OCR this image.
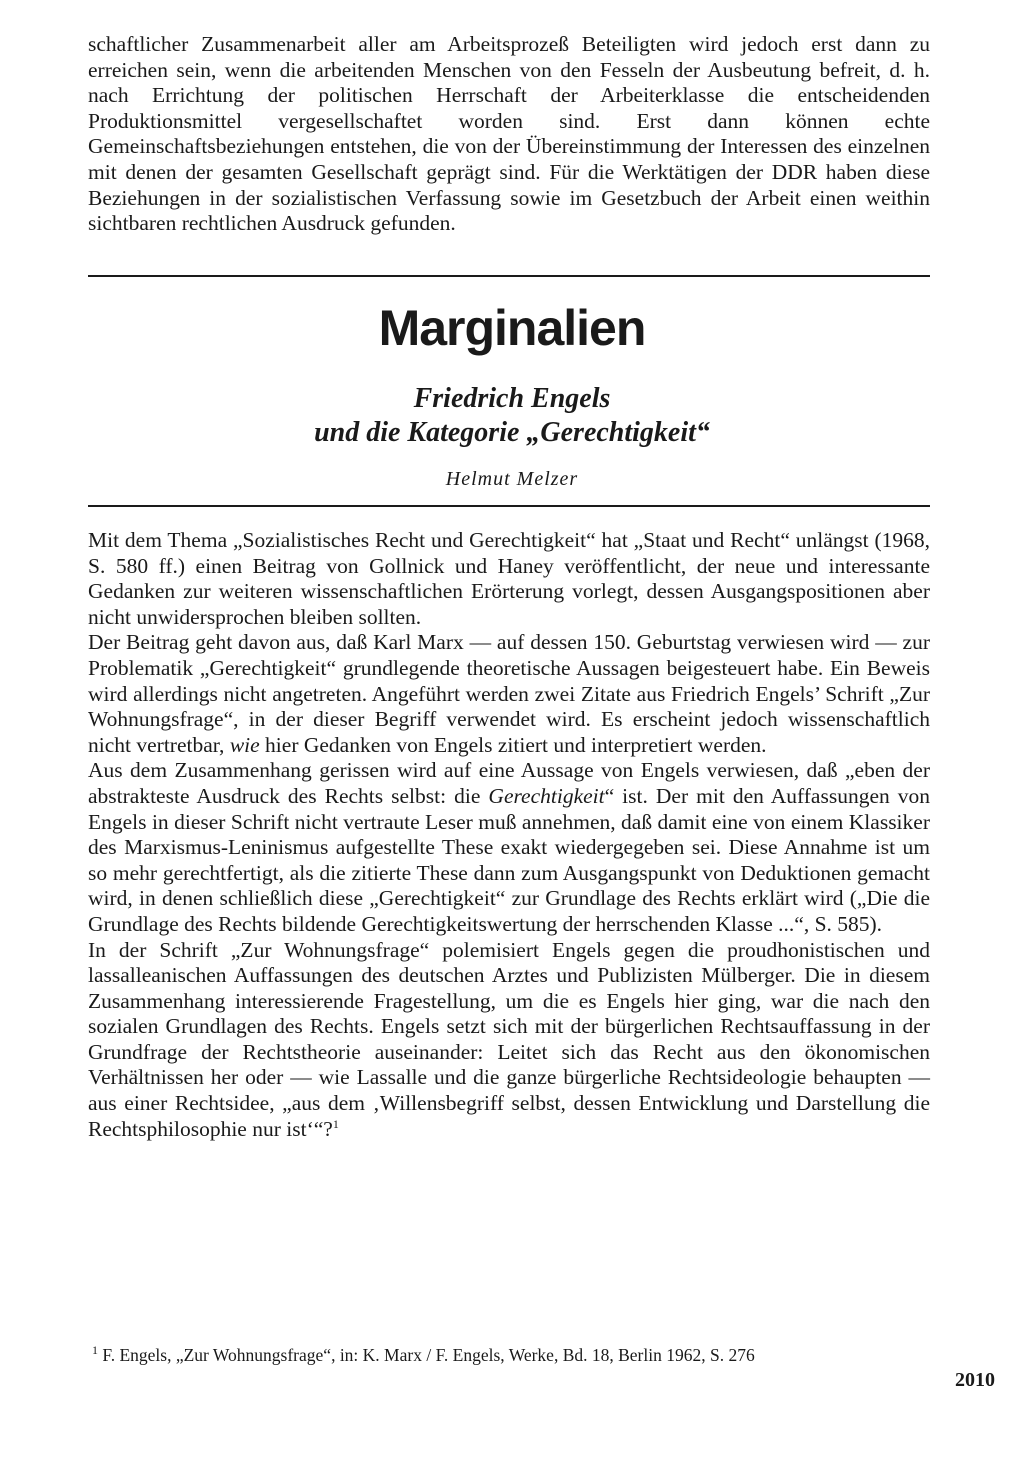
schaftlicher Zusammenarbeit aller am Arbeitsprozeß Beteiligten wird jedoch erst dann zu erreichen sein, wenn die arbeitenden Menschen von den Fesseln der Ausbeutung befreit, d. h. nach Errichtung der politischen Herrschaft der Arbeiterklasse die entscheidenden Produktionsmittel vergesellschaftet worden sind. Erst dann können echte Gemeinschaftsbeziehungen entstehen, die von der Übereinstimmung der Interessen des einzelnen mit denen der gesamten Gesellschaft geprägt sind. Für die Werktätigen der DDR haben diese Beziehungen in der sozialistischen Verfassung sowie im Gesetzbuch der Arbeit einen weithin sichtbaren rechtlichen Ausdruck gefunden.

Marginalien
Friedrich Engels
und die Kategorie „Gerechtigkeit“
Helmut Melzer

Mit dem Thema „Sozialistisches Recht und Gerechtigkeit“ hat „Staat und Recht“ unlängst (1968, S. 580 ff.) einen Beitrag von Gollnick und Haney veröffentlicht, der neue und interessante Gedanken zur weiteren wissenschaftlichen Erörterung vorlegt, dessen Ausgangspositionen aber nicht unwidersprochen bleiben sollten.

Der Beitrag geht davon aus, daß Karl Marx — auf dessen 150. Geburtstag verwiesen wird — zur Problematik „Gerechtigkeit“ grundlegende theoretische Aussagen beigesteuert habe. Ein Beweis wird allerdings nicht angetreten. Angeführt werden zwei Zitate aus Friedrich Engels’ Schrift „Zur Wohnungsfrage“, in der dieser Begriff verwendet wird. Es erscheint jedoch wissenschaftlich nicht vertretbar, wie hier Gedanken von Engels zitiert und interpretiert werden.

Aus dem Zusammenhang gerissen wird auf eine Aussage von Engels verwiesen, daß „eben der abstrakteste Ausdruck des Rechts selbst: die Gerechtigkeit“ ist. Der mit den Auffassungen von Engels in dieser Schrift nicht vertraute Leser muß annehmen, daß damit eine von einem Klassiker des Marxismus-Leninismus aufgestellte These exakt wiedergegeben sei. Diese Annahme ist um so mehr gerechtfertigt, als die zitierte These dann zum Ausgangspunkt von Deduktionen gemacht wird, in denen schließlich diese „Gerechtigkeit“ zur Grundlage des Rechts erklärt wird („Die die Grundlage des Rechts bildende Gerechtigkeitswertung der herrschenden Klasse ...“, S. 585).

In der Schrift „Zur Wohnungsfrage“ polemisiert Engels gegen die proudhonistischen und lassalleanischen Auffassungen des deutschen Arztes und Publizisten Mülberger. Die in diesem Zusammenhang interessierende Fragestellung, um die es Engels hier ging, war die nach den sozialen Grundlagen des Rechts. Engels setzt sich mit der bürgerlichen Rechtsauffassung in der Grundfrage der Rechtstheorie auseinander: Leitet sich das Recht aus den ökonomischen Verhältnissen her oder — wie Lassalle und die ganze bürgerliche Rechtsideologie behaupten — aus einer Rechtsidee, „aus dem ‚Willensbegriff selbst, dessen Entwicklung und Darstellung die Rechtsphilosophie nur ist‘“?$^1$

$^1$ F. Engels, „Zur Wohnungsfrage“, in: K. Marx / F. Engels, Werke, Bd. 18, Berlin 1962, S. 276
2010
